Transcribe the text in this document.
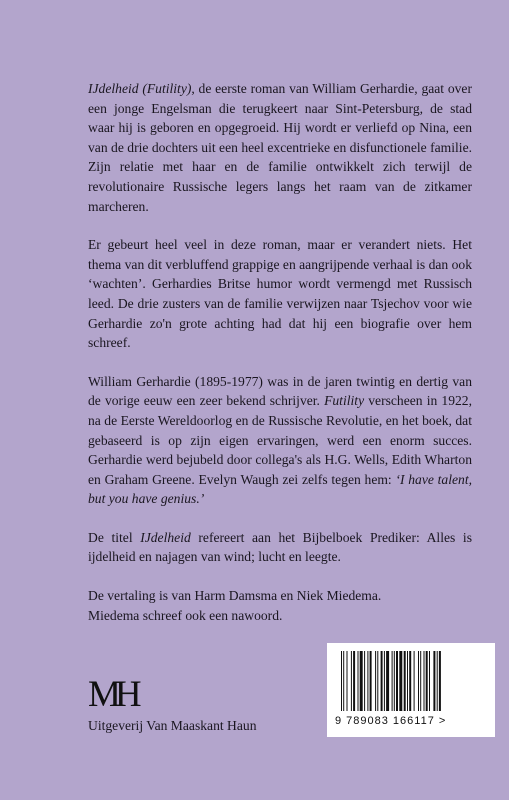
IJdelheid (Futility), de eerste roman van William Gerhardie, gaat over een jonge Engelsman die terugkeert naar Sint-Petersburg, de stad waar hij is geboren en opgegroeid. Hij wordt er verliefd op Nina, een van de drie dochters uit een heel excentrieke en disfunctionele familie. Zijn relatie met haar en de familie ontwikkelt zich terwijl de revolutionaire Russische legers langs het raam van de zitkamer marcheren.

Er gebeurt heel veel in deze roman, maar er verandert niets. Het thema van dit verbluffend grappige en aangrijpende verhaal is dan ook ‘wachten’. Gerhardies Britse humor wordt vermengd met Russisch leed. De drie zusters van de familie verwijzen naar Tsjechov voor wie Gerhardie zo'n grote achting had dat hij een biografie over hem schreef.

William Gerhardie (1895-1977) was in de jaren twintig en dertig van de vorige eeuw een zeer bekend schrijver. Futility verscheen in 1922, na de Eerste Wereldoorlog en de Russische Revolutie, en het boek, dat gebaseerd is op zijn eigen ervaringen, werd een enorm succes. Gerhardie werd bejubeld door collega's als H.G. Wells, Edith Wharton en Graham Greene. Evelyn Waugh zei zelfs tegen hem: ‘I have talent, but you have genius.’

De titel IJdelheid refereert aan het Bijbelboek Prediker: Alles is ijdelheid en najagen van wind; lucht en leegte.

De vertaling is van Harm Damsma en Niek Miedema.
Miedema schreef ook een nawoord.

MH
Uitgeverij Van Maaskant Haun	9 789083 166117 >
